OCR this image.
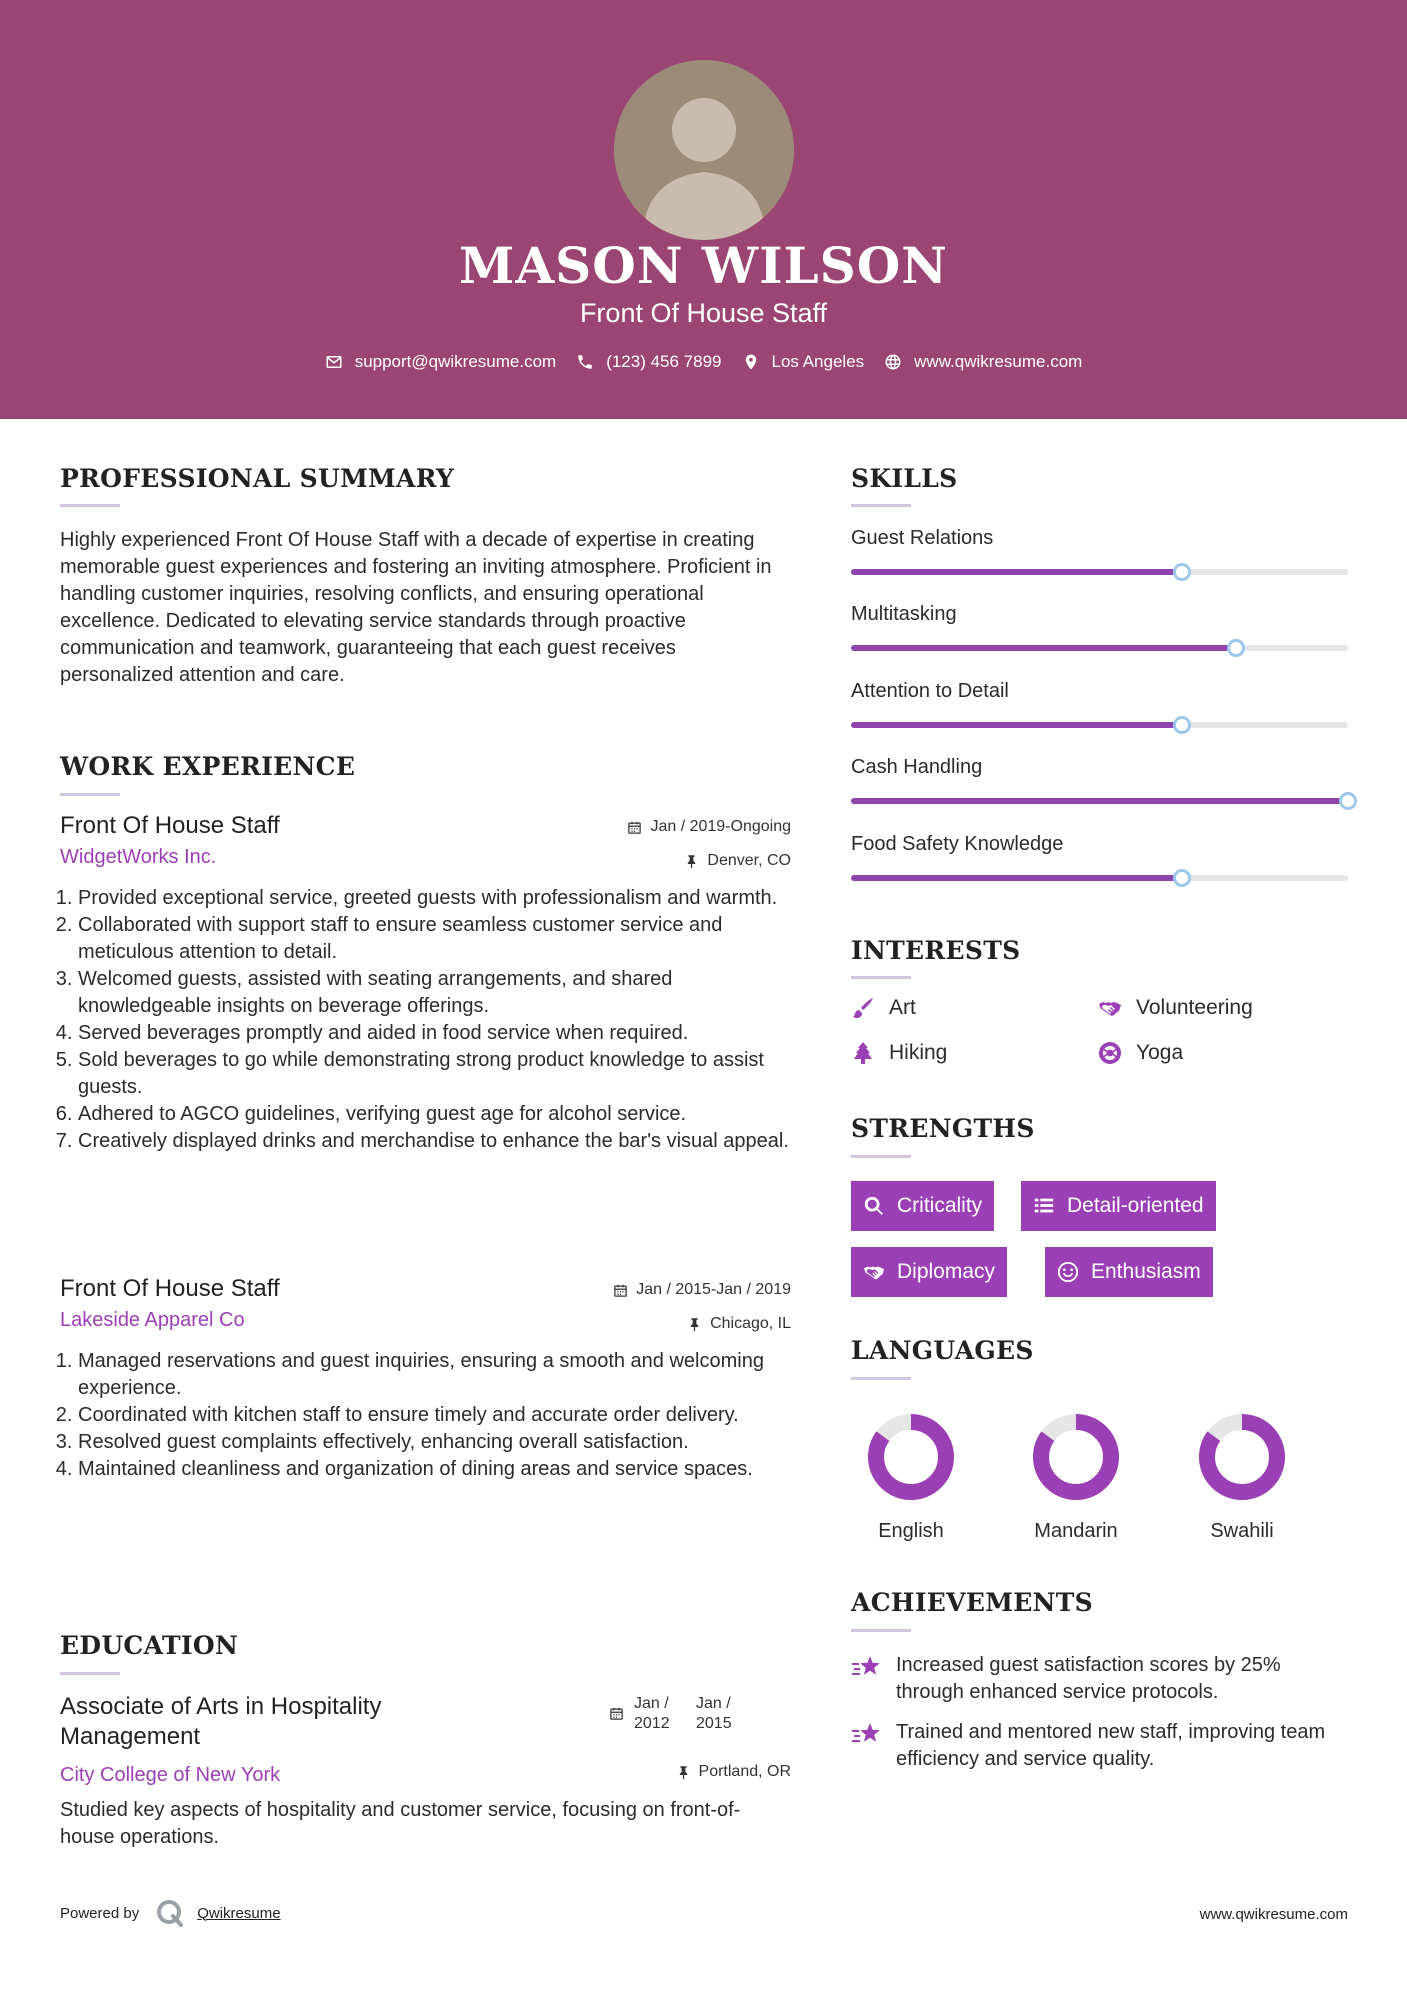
MASON WILSON
Front Of House Staff
support@qwikresume.com	(123) 456 7899	Los Angeles	www.qwikresume.com
PROFESSIONAL SUMMARY
Highly experienced Front Of House Staff with a decade of expertise in creating memorable guest experiences and fostering an inviting atmosphere. Proficient in handling customer inquiries, resolving conflicts, and ensuring operational excellence. Dedicated to elevating service standards through proactive communication and teamwork, guaranteeing that each guest receives personalized attention and care.
WORK EXPERIENCE
Front Of House Staff	Jan / 2019-Ongoing
WidgetWorks Inc.	Denver, CO
1. Provided exceptional service, greeted guests with professionalism and warmth.
2. Collaborated with support staff to ensure seamless customer service and meticulous attention to detail.
3. Welcomed guests, assisted with seating arrangements, and shared knowledgeable insights on beverage offerings.
4. Served beverages promptly and aided in food service when required.
5. Sold beverages to go while demonstrating strong product knowledge to assist guests.
6. Adhered to AGCO guidelines, verifying guest age for alcohol service.
7. Creatively displayed drinks and merchandise to enhance the bar's visual appeal.
Front Of House Staff	Jan / 2015-Jan / 2019
Lakeside Apparel Co	Chicago, IL
1. Managed reservations and guest inquiries, ensuring a smooth and welcoming experience.
2. Coordinated with kitchen staff to ensure timely and accurate order delivery.
3. Resolved guest complaints effectively, enhancing overall satisfaction.
4. Maintained cleanliness and organization of dining areas and service spaces.
EDUCATION
Associate of Arts in Hospitality Management
Jan / 2012
Jan / 2015
City College of New York	Portland, OR
Studied key aspects of hospitality and customer service, focusing on front-of-house operations.
SKILLS
Guest Relations
Multitasking
Attention to Detail
Cash Handling
Food Safety Knowledge
INTERESTS
Art	Volunteering
Hiking	Yoga
STRENGTHS
Criticality	Detail-oriented
Diplomacy	Enthusiasm
LANGUAGES
English	Mandarin	Swahili
ACHIEVEMENTS
Increased guest satisfaction scores by 25% through enhanced service protocols.
Trained and mentored new staff, improving team efficiency and service quality.
Powered by	Qwikresume	www.qwikresume.com
